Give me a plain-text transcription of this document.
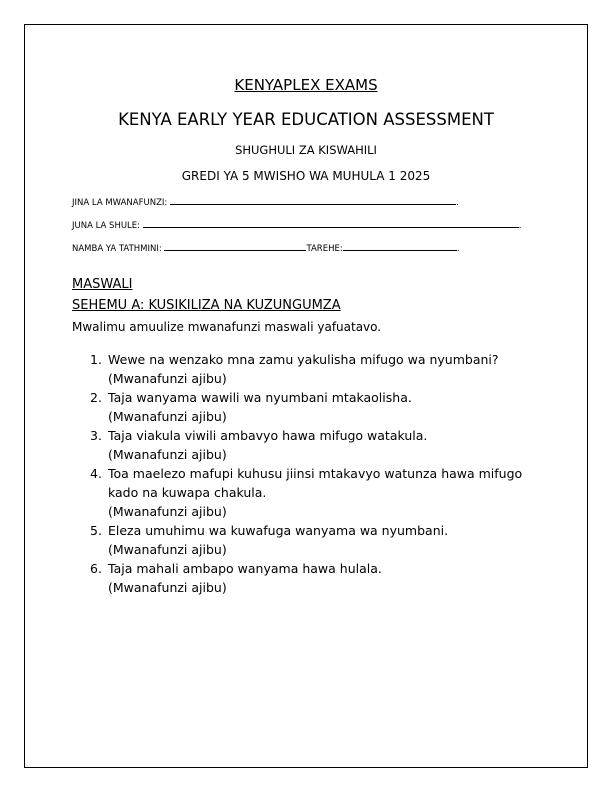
KENYAPLEX EXAMS
KENYA EARLY YEAR EDUCATION ASSESSMENT
SHUGHULI ZA KISWAHILI
GREDI YA 5 MWISHO WA MUHULA 1 2025
JINA LA MWANAFUNZI:	.
JUNA LA SHULE:	.
NAMBA YA TATHMINI:	TAREHE:	.
MASWALI
SEHEMU A: KUSIKILIZA NA KUZUNGUMZA
Mwalimu amuulize mwanafunzi maswali yafuatavo.
1. Wewe na wenzako mna zamu yakulisha mifugo wa nyumbani?
(Mwanafunzi ajibu)
2. Taja wanyama wawili wa nyumbani mtakaolisha.
(Mwanafunzi ajibu)
3. Taja viakula viwili ambavyo hawa mifugo watakula.
(Mwanafunzi ajibu)
4. Toa maelezo mafupi kuhusu jiinsi mtakavyo watunza hawa mifugo kado na kuwapa chakula.
(Mwanafunzi ajibu)
5. Eleza umuhimu wa kuwafuga wanyama wa nyumbani.
(Mwanafunzi ajibu)
6. Taja mahali ambapo wanyama hawa hulala.
(Mwanafunzi ajibu)
